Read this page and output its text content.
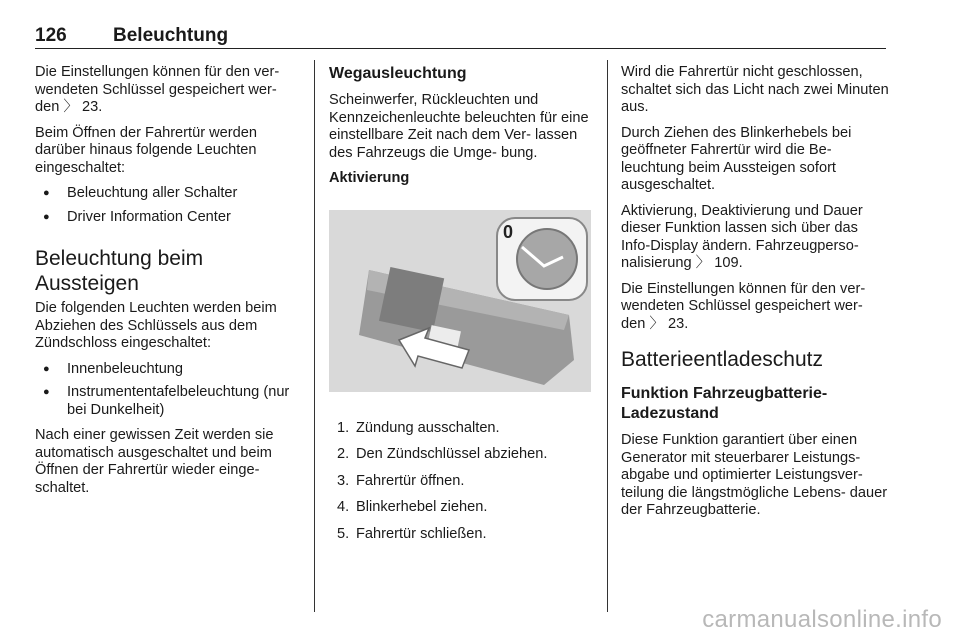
126 Beleuchtung

Die Einstellungen können für den ver- wendeten Schlüssel gespeichert wer- den 〉 23.

Beim Öffnen der Fahrertür werden darüber hinaus folgende Leuchten eingeschaltet:

● Beleuchtung aller Schalter
● Driver Information Center
Beleuchtung beim Aussteigen

Die folgenden Leuchten werden beim Abziehen des Schlüssels aus dem Zündschloss eingeschaltet:

● Innenbeleuchtung
● Instrumententafelbeleuchtung (nur bei Dunkelheit)

Nach einer gewissen Zeit werden sie automatisch ausgeschaltet und beim Öffnen der Fahrertür wieder einge- schaltet.

Wegausleuchtung

Scheinwerfer, Rückleuchten und Kennzeichenleuchte beleuchten für eine einstellbare Zeit nach dem Ver- lassen des Fahrzeugs die Umge- bung.

Aktivierung
0
1. Zündung ausschalten.
2. Den Zündschlüssel abziehen.
3. Fahrertür öffnen.
4. Blinkerhebel ziehen.
5. Fahrertür schließen.

Wird die Fahrertür nicht geschlossen, schaltet sich das Licht nach zwei Minuten aus.

Durch Ziehen des Blinkerhebels bei geöffneter Fahrertür wird die Be- leuchtung beim Aussteigen sofort ausgeschaltet.

Aktivierung, Deaktivierung und Dauer dieser Funktion lassen sich über das Info-Display ändern. Fahrzeugperso- nalisierung 〉 109.

Die Einstellungen können für den ver- wendeten Schlüssel gespeichert wer- den 〉 23.

Batterieentladeschutz
Funktion Fahrzeugbatterie- Ladezustand

Diese Funktion garantiert über einen Generator mit steuerbarer Leistungs- abgabe und optimierter Leistungsver- teilung die längstmögliche Lebens- dauer der Fahrzeugbatterie.

carmanualsonline.info
